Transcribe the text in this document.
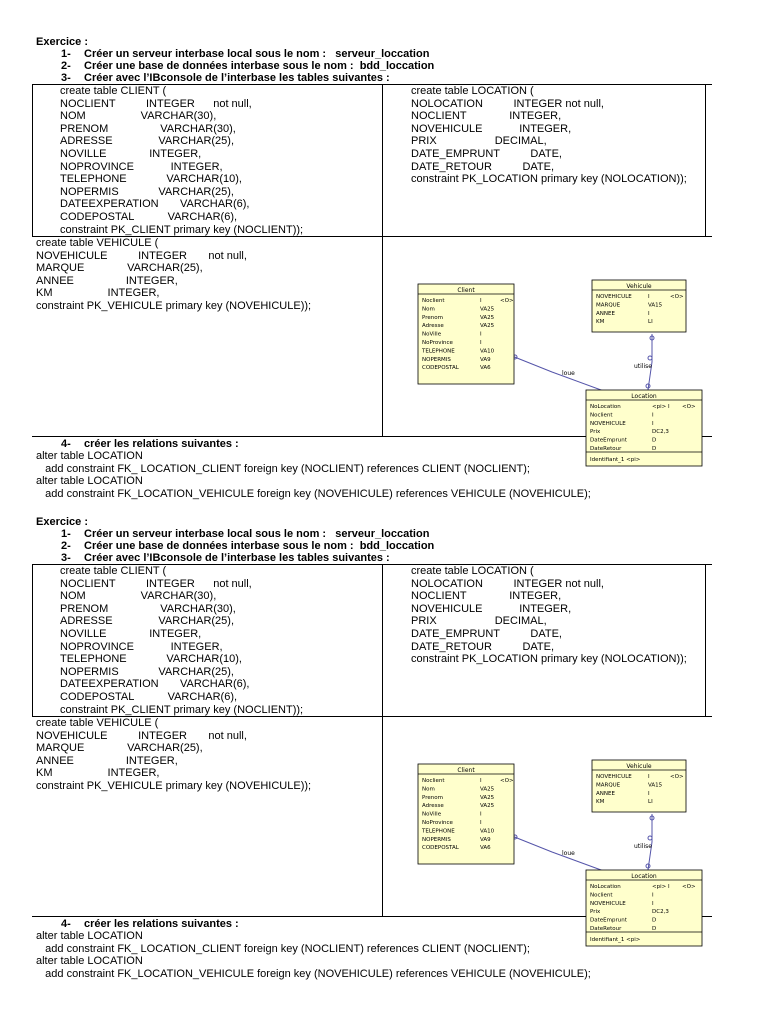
Exercice :
1- Créer un serveur interbase local sous le nom :   serveur_loccation
2- Créer une base de données interbase sous le nom :  bdd_loccation
3- Créer avec l’IBconsole de l’interbase les tables suivantes :
create table CLIENT (
NOCLIENT          INTEGER      not null,
NOM                  VARCHAR(30),
PRENOM                 VARCHAR(30),
ADRESSE               VARCHAR(25),
NOVILLE              INTEGER,
NOPROVINCE            INTEGER,
TELEPHONE             VARCHAR(10),
NOPERMIS             VARCHAR(25),
DATEEXPERATION       VARCHAR(6),
CODEPOSTAL           VARCHAR(6),
constraint PK_CLIENT primary key (NOCLIENT));
create table LOCATION (
NOLOCATION          INTEGER not null,
NOCLIENT              INTEGER,
NOVEHICULE            INTEGER,
PRIX                   DECIMAL,
DATE_EMPRUNT          DATE,
DATE_RETOUR          DATE,
constraint PK_LOCATION primary key (NOLOCATION));
create table VEHICULE (
NOVEHICULE          INTEGER       not null,
MARQUE              VARCHAR(25),
ANNEE                 INTEGER,
KM                  INTEGER,
constraint PK_VEHICULE primary key (NOVEHICULE));
loue
utilise
Client
Noclient	I	<O>
Nom	VA25
Prenom	VA25
Adresse	VA25
NoVille	I
NoProvince	I
TELEPHONE	VA10
NOPERMIS	VA9
CODEPOSTAL	VA6
Vehicule
NOVEHICULE	I	<O>
MARQUE	VA15
ANNEE	I
KM	LI
Location
NoLocation	<pi> I <O>
Noclient	I
NOVEHICULE	I
Prix	DC2,3
DateEmprunt	D
DateRetour	D
Identifiant_1 <pi>
4- créer les relations suivantes :
alter table LOCATION
add constraint FK_ LOCATION_CLIENT foreign key (NOCLIENT) references CLIENT (NOCLIENT);
alter table LOCATION
add constraint FK_LOCATION_VEHICULE foreign key (NOVEHICULE) references VEHICULE (NOVEHICULE);
Exercice :
1- Créer un serveur interbase local sous le nom :   serveur_loccation
2- Créer une base de données interbase sous le nom :  bdd_loccation
3- Créer avec l’IBconsole de l’interbase les tables suivantes :
create table CLIENT (
NOCLIENT          INTEGER      not null,
NOM                  VARCHAR(30),
PRENOM                 VARCHAR(30),
ADRESSE               VARCHAR(25),
NOVILLE              INTEGER,
NOPROVINCE            INTEGER,
TELEPHONE             VARCHAR(10),
NOPERMIS             VARCHAR(25),
DATEEXPERATION       VARCHAR(6),
CODEPOSTAL           VARCHAR(6),
constraint PK_CLIENT primary key (NOCLIENT));
create table LOCATION (
NOLOCATION          INTEGER not null,
NOCLIENT              INTEGER,
NOVEHICULE            INTEGER,
PRIX                   DECIMAL,
DATE_EMPRUNT          DATE,
DATE_RETOUR          DATE,
constraint PK_LOCATION primary key (NOLOCATION));
create table VEHICULE (
NOVEHICULE          INTEGER       not null,
MARQUE              VARCHAR(25),
ANNEE                 INTEGER,
KM                  INTEGER,
constraint PK_VEHICULE primary key (NOVEHICULE));
loue
utilise
Client
Noclient	I	<O>
Nom	VA25
Prenom	VA25
Adresse	VA25
NoVille	I
NoProvince	I
TELEPHONE	VA10
NOPERMIS	VA9
CODEPOSTAL	VA6
Vehicule
NOVEHICULE	I	<O>
MARQUE	VA15
ANNEE	I
KM	LI
Location
NoLocation	<pi> I <O>
Noclient	I
NOVEHICULE	I
Prix	DC2,3
DateEmprunt	D
DateRetour	D
Identifiant_1 <pi>
4- créer les relations suivantes :
alter table LOCATION
add constraint FK_ LOCATION_CLIENT foreign key (NOCLIENT) references CLIENT (NOCLIENT);
alter table LOCATION
add constraint FK_LOCATION_VEHICULE foreign key (NOVEHICULE) references VEHICULE (NOVEHICULE);
